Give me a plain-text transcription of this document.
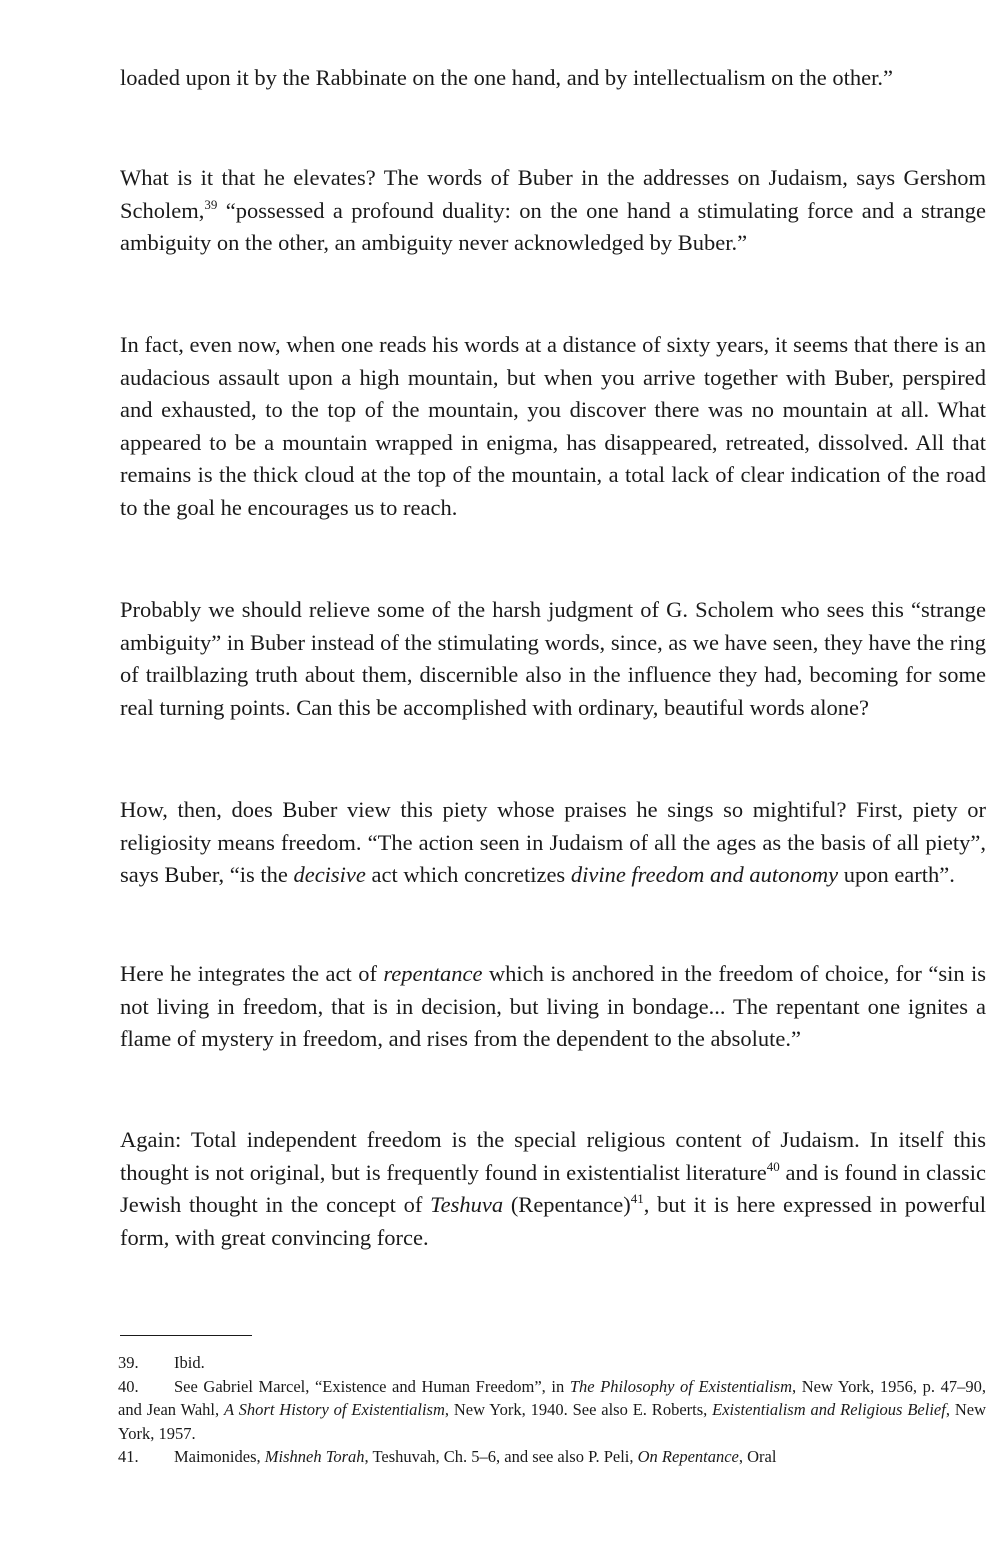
loaded upon it by the Rabbinate on the one hand, and by intellectualism on the other.”

What is it that he elevates? The words of Buber in the addresses on Judaism, says Gershom Scholem,$^{39}$ “possessed a profound duality: on the one hand a stimulating force and a strange ambiguity on the other, an ambiguity never acknowledged by Buber.”

In fact, even now, when one reads his words at a distance of sixty years, it seems that there is an audacious assault upon a high mountain, but when you arrive together with Buber, perspired and exhausted, to the top of the mountain, you discover there was no mountain at all. What appeared to be a mountain wrapped in enigma, has disappeared, retreated, dissolved. All that remains is the thick cloud at the top of the mountain, a total lack of clear indication of the road to the goal he encourages us to reach.

Probably we should relieve some of the harsh judgment of G. Scholem who sees this “strange ambiguity” in Buber instead of the stimulating words, since, as we have seen, they have the ring of trailblazing truth about them, discernible also in the influence they had, becoming for some real turning points. Can this be accomplished with ordinary, beautiful words alone?

How, then, does Buber view this piety whose praises he sings so mightiful? First, piety or religiosity means freedom. “The action seen in Judaism of all the ages as the basis of all piety”, says Buber, “is the decisive act which concretizes divine freedom and autonomy upon earth”.

Here he integrates the act of repentance which is anchored in the freedom of choice, for “sin is not living in freedom, that is in decision, but living in bondage... The repentant one ignites a flame of mystery in freedom, and rises from the dependent to the absolute.”

Again: Total independent freedom is the special religious content of Judaism. In itself this thought is not original, but is frequently found in existentialist literature$^{40}$ and is found in classic Jewish thought in the concept of Teshuva (Repentance)$^{41}$, but it is here expressed in powerful form, with great convincing force.

39. Ibid.

40. See Gabriel Marcel, “Existence and Human Freedom”, in The Philosophy of Existentialism, New York, 1956, p. 47–90, and Jean Wahl, A Short History of Existentialism, New York, 1940. See also E. Roberts, Existentialism and Religious Belief, New York, 1957.

41. Maimonides, Mishneh Torah, Teshuvah, Ch. 5–6, and see also P. Peli, On Repentance, Oral
